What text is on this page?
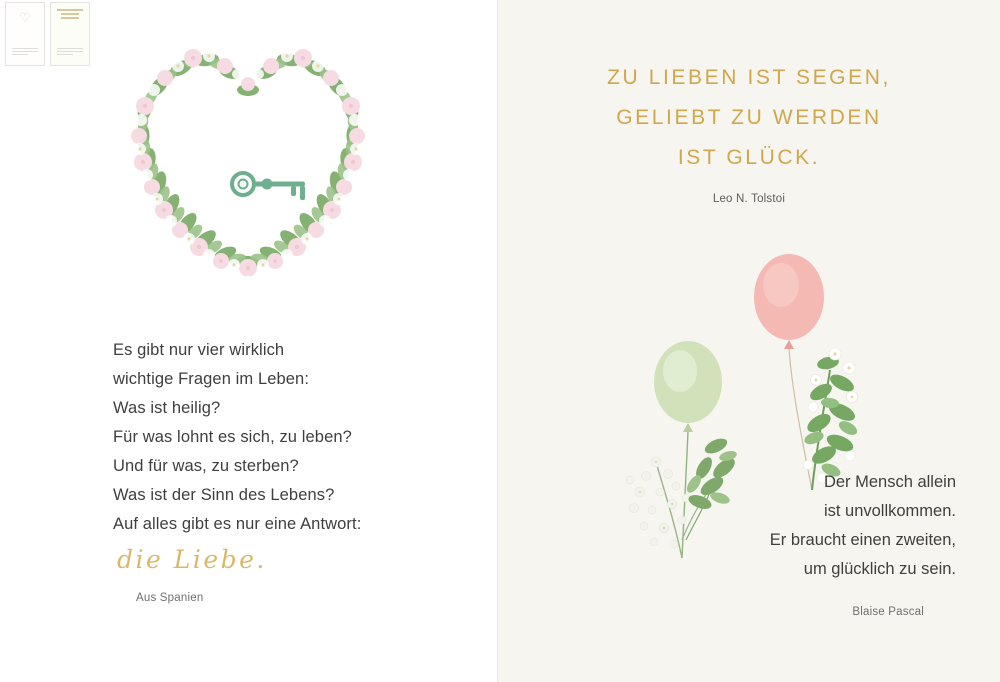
♡
Es gibt nur vier wirklich
wichtige Fragen im Leben:
Was ist heilig?
Für was lohnt es sich, zu leben?
Und für was, zu sterben?
Was ist der Sinn des Lebens?
Auf alles gibt es nur eine Antwort:
die Liebe.
Aus Spanien
ZU LIEBEN IST SEGEN,
GELIEBT ZU WERDEN
IST GLÜCK.
Leo N. Tolstoi
Der Mensch allein
ist unvollkommen.
Er braucht einen zweiten,
um glücklich zu sein.
Blaise Pascal
